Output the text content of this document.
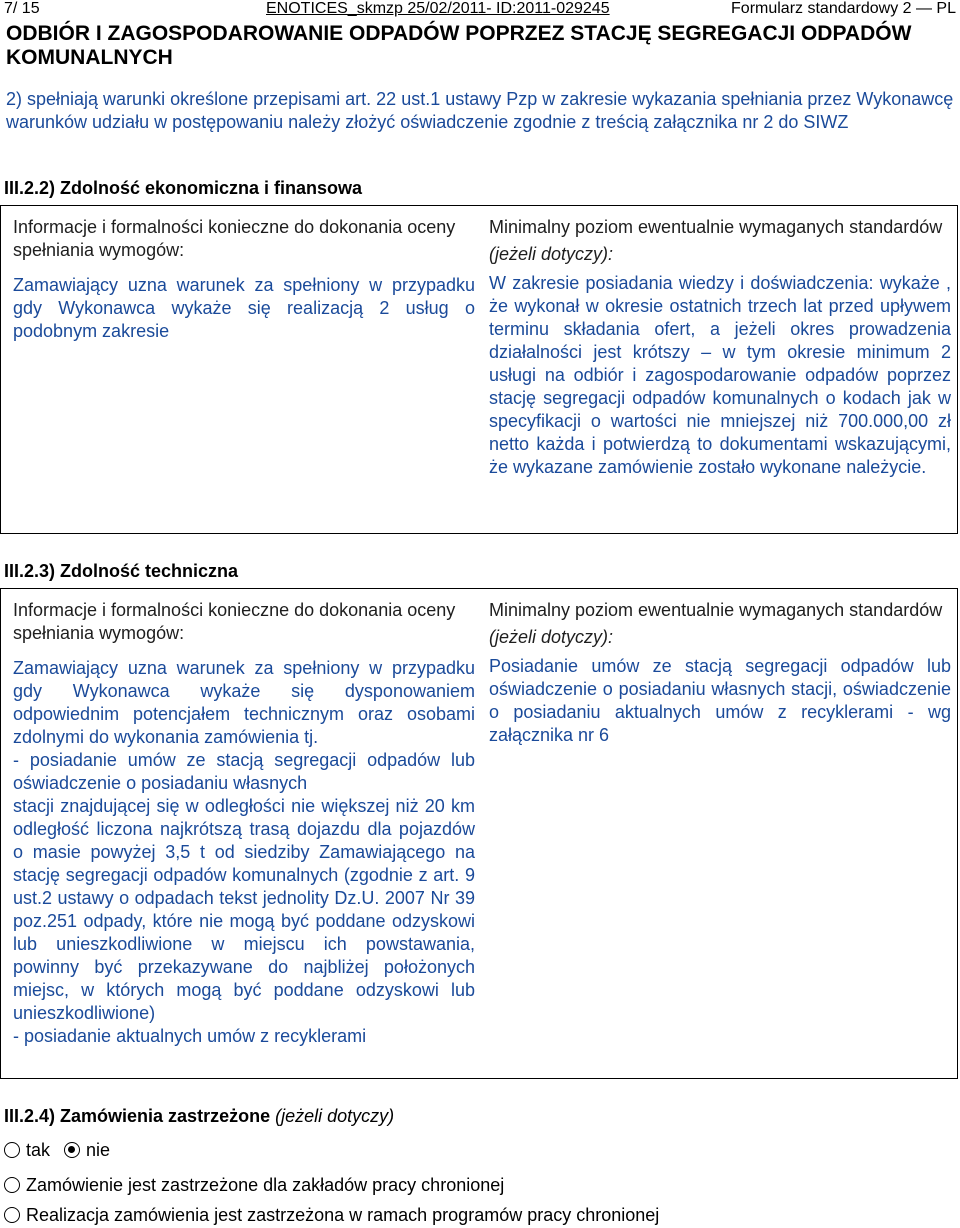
7/ 15	ENOTICES_skmzp 25/02/2011- ID:2011-029245	Formularz standardowy 2 — PL
ODBIÓR I ZAGOSPODAROWANIE ODPADÓW POPRZEZ STACJĘ SEGREGACJI ODPADÓW KOMUNALNYCH
2) spełniają warunki określone przepisami art. 22 ust.1 ustawy Pzp w zakresie wykazania spełniania przez Wykonawcę warunków udziału w postępowaniu należy złożyć oświadczenie zgodnie z treścią załącznika nr 2 do SIWZ
III.2.2) Zdolność ekonomiczna i finansowa
Informacje i formalności konieczne do dokonania oceny spełniania wymogów:
Zamawiający uzna warunek za spełniony w przypadku gdy Wykonawca wykaże się realizacją 2 usług o podobnym zakresie
Minimalny poziom ewentualnie wymaganych standardów
(jeżeli dotyczy):
W zakresie posiadania wiedzy i doświadczenia: wykaże , że wykonał w okresie ostatnich trzech lat przed upływem terminu składania ofert, a jeżeli okres prowadzenia działalności jest krótszy – w tym okresie minimum 2 usługi na odbiór i zagospodarowanie odpadów poprzez stację segregacji odpadów komunalnych o kodach jak w specyfikacji o wartości nie mniejszej niż 700.000,00 zł netto każda i potwierdzą to dokumentami wskazującymi, że wykazane zamówienie zostało wykonane należycie.
III.2.3) Zdolność techniczna
Informacje i formalności konieczne do dokonania oceny spełniania wymogów:
Zamawiający uzna warunek za spełniony w przypadku gdy Wykonawca wykaże się dysponowaniem odpowiednim potencjałem technicznym oraz osobami zdolnymi do wykonania zamówienia tj.
- posiadanie umów ze stacją segregacji odpadów lub oświadczenie o posiadaniu własnych
stacji znajdującej się w odległości nie większej niż 20 km odległość liczona najkrótszą trasą dojazdu dla pojazdów o masie powyżej 3,5 t od siedziby Zamawiającego na stację segregacji odpadów komunalnych (zgodnie z art. 9 ust.2 ustawy o odpadach tekst jednolity Dz.U. 2007 Nr 39 poz.251 odpady, które nie mogą być poddane odzyskowi lub unieszkodliwione w miejscu ich powstawania, powinny być przekazywane do najbliżej położonych miejsc, w których mogą być poddane odzyskowi lub unieszkodliwione)
- posiadanie aktualnych umów z recyklerami
Minimalny poziom ewentualnie wymaganych standardów
(jeżeli dotyczy):
Posiadanie umów ze stacją segregacji odpadów lub oświadczenie o posiadaniu własnych stacji, oświadczenie o posiadaniu aktualnych umów z recyklerami - wg załącznika nr 6
III.2.4) Zamówienia zastrzeżone (jeżeli dotyczy)
tak nie
Zamówienie jest zastrzeżone dla zakładów pracy chronionej
Realizacja zamówienia jest zastrzeżona w ramach programów pracy chronionej
